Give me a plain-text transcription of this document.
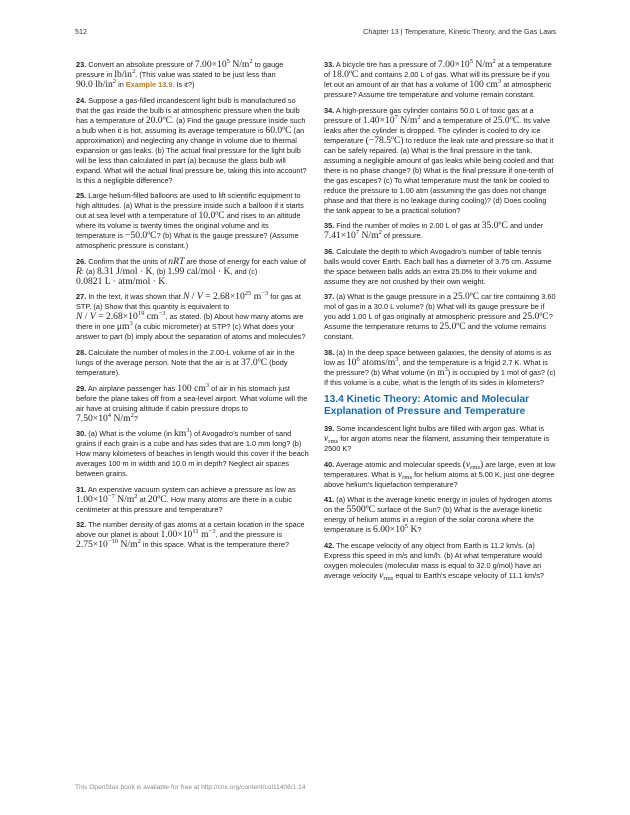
512	Chapter 13 | Temperature, Kinetic Theory, and the Gas Laws

23. Convert an absolute pressure of $7.00\times 10^5$ $N/m^2$ to gauge pressure in $lb/in^2$. (This value was stated to be just less than 90.0 $lb/in^2$ in Example 13.9. Is it?)

24. Suppose a gas-filled incandescent light bulb is manufactured so that the gas inside the bulb is at atmospheric pressure when the bulb has a temperature of 20.0ºC. (a) Find the gauge pressure inside such a bulb when it is hot, assuming its average temperature is 60.0ºC (an approximation) and neglecting any change in volume due to thermal expansion or gas leaks. (b) The actual final pressure for the light bulb will be less than calculated in part (a) because the glass bulb will expand. What will the actual final pressure be, taking this into account? Is this a negligible difference?

25. Large helium-filled balloons are used to lift scientific equipment to high altitudes. (a) What is the pressure inside such a balloon if it starts out at sea level with a temperature of 10.0ºC and rises to an altitude where its volume is twenty times the original volume and its temperature is −50.0ºC? (b) What is the gauge pressure? (Assume atmospheric pressure is constant.)

26. Confirm that the units of nRT are those of energy for each value of R: (a) 8.31 J/mol · K, (b) 1.99 cal/mol · K, and (c) 0.0821 L · atm/mol · K.

27. In the text, it was shown that $N / V = 2.68\times 10^{25}$ $m^{-3}$ for gas at STP. (a) Show that this quantity is equivalent to $N / V = 2.68\times 10^{19}$ $cm^{-3}$, as stated. (b) About how many atoms are there in one $\mu m^3$ (a cubic micrometer) at STP? (c) What does your answer to part (b) imply about the separation of atoms and molecules?

28. Calculate the number of moles in the 2.00-L volume of air in the lungs of the average person. Note that the air is at 37.0ºC (body temperature).

29. An airplane passenger has 100 $cm^3$ of air in his stomach just before the plane takes off from a sea-level airport. What volume will the air have at cruising altitude if cabin pressure drops to $7.50\times 10^4$ $N/m^2$?

30. (a) What is the volume (in $km^3$) of Avogadro's number of sand grains if each grain is a cube and has sides that are 1.0 mm long? (b) How many kilometers of beaches in length would this cover if the beach averages 100 m in width and 10.0 m in depth? Neglect air spaces between grains.

31. An expensive vacuum system can achieve a pressure as low as $1.00\times 10^{-7}$ $N/m^2$ at 20ºC. How many atoms are there in a cubic centimeter at this pressure and temperature?

32. The number density of gas atoms at a certain location in the space above our planet is about $1.00\times 10^{11}$ $m^{-3}$, and the pressure is $2.75\times 10^{-10}$ $N/m^2$ in this space. What is the temperature there?

33. A bicycle tire has a pressure of $7.00\times 10^5$ $N/m^2$ at a temperature of 18.0ºC and contains 2.00 L of gas. What will its pressure be if you let out an amount of air that has a volume of 100 $cm^3$ at atmospheric pressure? Assume tire temperature and volume remain constant.

34. A high-pressure gas cylinder contains 50.0 L of toxic gas at a pressure of $1.40\times 10^7$ $N/m^2$ and a temperature of 25.0ºC. Its valve leaks after the cylinder is dropped. The cylinder is cooled to dry ice temperature (−78.5ºC) to reduce the leak rate and pressure so that it can be safely repaired. (a) What is the final pressure in the tank, assuming a negligible amount of gas leaks while being cooled and that there is no phase change? (b) What is the final pressure if one-tenth of the gas escapes? (c) To what temperature must the tank be cooled to reduce the pressure to 1.00 atm (assuming the gas does not change phase and that there is no leakage during cooling)? (d) Does cooling the tank appear to be a practical solution?

35. Find the number of moles in 2.00 L of gas at 35.0ºC and under $7.41\times 10^7$ $N/m^2$ of pressure.

36. Calculate the depth to which Avogadro's number of table tennis balls would cover Earth. Each ball has a diameter of 3.75 cm. Assume the space between balls adds an extra 25.0% to their volume and assume they are not crushed by their own weight.

37. (a) What is the gauge pressure in a 25.0ºC car tire containing 3.60 mol of gas in a 30.0 L volume? (b) What will its gauge pressure be if you add 1.00 L of gas originally at atmospheric pressure and 25.0ºC? Assume the temperature returns to 25.0ºC and the volume remains constant.

38. (a) In the deep space between galaxies, the density of atoms is as low as $10^6$ atoms/$m^3$, and the temperature is a frigid 2.7 K. What is the pressure? (b) What volume (in $m^3$) is occupied by 1 mol of gas? (c) If this volume is a cube, what is the length of its sides in kilometers?

13.4 Kinetic Theory: Atomic and Molecular Explanation of Pressure and Temperature

39. Some incandescent light bulbs are filled with argon gas. What is $v_{rms}$ for argon atoms near the filament, assuming their temperature is 2500 K?

40. Average atomic and molecular speeds $(v_{rms})$ are large, even at low temperatures. What is $v_{rms}$ for helium atoms at 5.00 K, just one degree above helium's liquefaction temperature?

41. (a) What is the average kinetic energy in joules of hydrogen atoms on the 5500ºC surface of the Sun? (b) What is the average kinetic energy of helium atoms in a region of the solar corona where the temperature is $6.00\times 10^5$ K?

42. The escape velocity of any object from Earth is 11.2 km/s. (a) Express this speed in m/s and km/h. (b) At what temperature would oxygen molecules (molecular mass is equal to 32.0 g/mol) have an average velocity $v_{rms}$ equal to Earth's escape velocity of 11.1 km/s?

This OpenStax book is available for free at http://cnx.org/content/col11406/1.14
